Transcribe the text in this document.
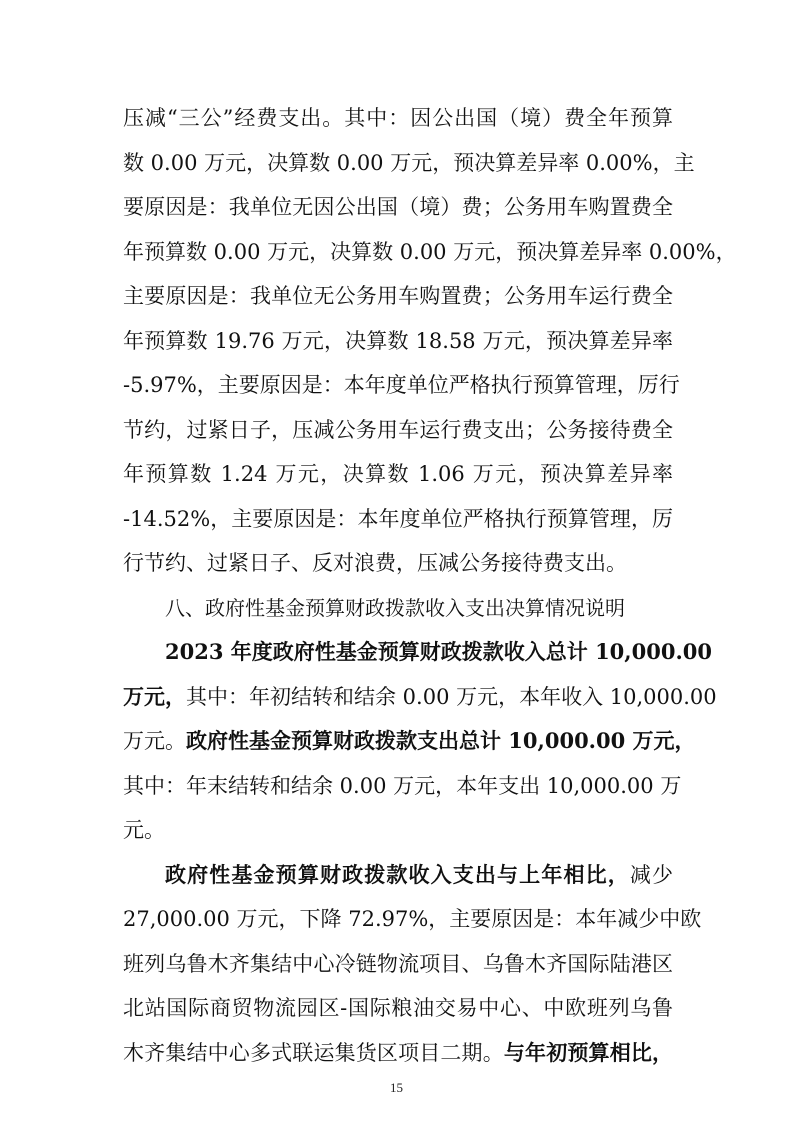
压减“三公”经费支出。其中：因公出国（境）费全年预算
数 0.00 万元，决算数 0.00 万元，预决算差异率 0.00%，主
要原因是：我单位无因公出国（境）费；公务用车购置费全
年预算数 0.00 万元，决算数 0.00 万元，预决算差异率 0.00%，
主要原因是：我单位无公务用车购置费；公务用车运行费全
年预算数 19.76 万元，决算数 18.58 万元，预决算差异率
-5.97%，主要原因是：本年度单位严格执行预算管理，厉行
节约，过紧日子，压减公务用车运行费支出；公务接待费全
年预算数 1.24 万元，决算数 1.06 万元，预决算差异率
-14.52%，主要原因是：本年度单位严格执行预算管理，厉
行节约、过紧日子、反对浪费，压减公务接待费支出。
八、政府性基金预算财政拨款收入支出决算情况说明
2023 年度政府性基金预算财政拨款收入总计 10,000.00
万元，其中：年初结转和结余 0.00 万元，本年收入 10,000.00
万元。政府性基金预算财政拨款支出总计 10,000.00 万元，
其中：年末结转和结余 0.00 万元，本年支出 10,000.00 万
元。
政府性基金预算财政拨款收入支出与上年相比，减少
27,000.00 万元，下降 72.97%，主要原因是：本年减少中欧
班列乌鲁木齐集结中心冷链物流项目、乌鲁木齐国际陆港区
北站国际商贸物流园区-国际粮油交易中心、中欧班列乌鲁
木齐集结中心多式联运集货区项目二期。与年初预算相比，
15
